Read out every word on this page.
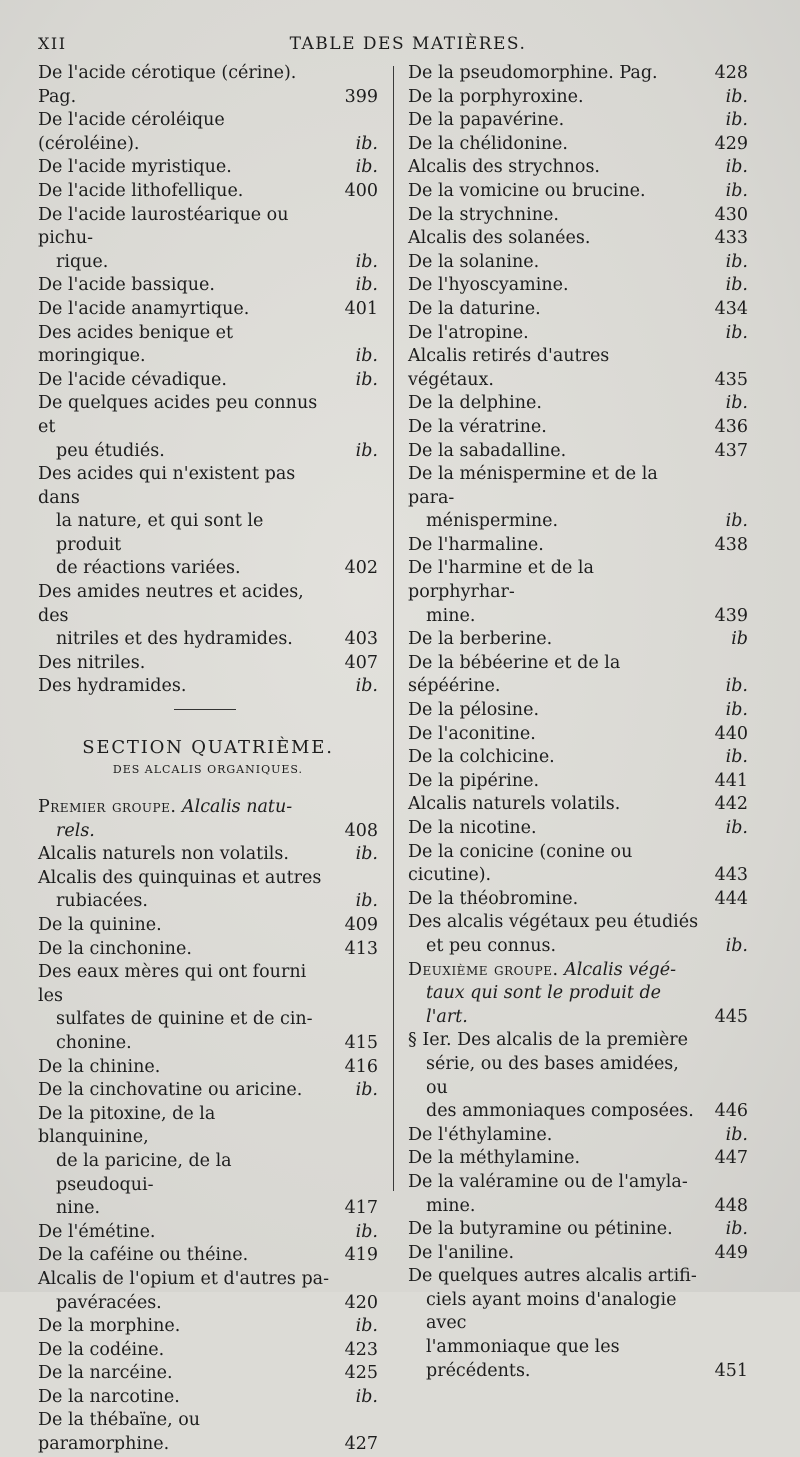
XII	TABLE DES MATIÈRES.
De l'acide cérotique (cérine). Pag.	399
De l'acide céroléique (céroléine).	ib.
De l'acide myristique.	ib.
De l'acide lithofellique.	400
De l'acide laurostéarique ou pichu-
rique.	ib.
De l'acide bassique.	ib.
De l'acide anamyrtique.	401
Des acides benique et moringique.	ib.
De l'acide cévadique.	ib.
De quelques acides peu connus et
peu étudiés.	ib.
Des acides qui n'existent pas dans
la nature, et qui sont le produit
de réactions variées.	402
Des amides neutres et acides, des
nitriles et des hydramides.	403
Des nitriles.	407
Des hydramides.	ib.
SECTION QUATRIÈME.
DES ALCALIS ORGANIQUES.
Premier groupe. Alcalis natu-
rels.	408
Alcalis naturels non volatils.	ib.
Alcalis des quinquinas et autres
rubiacées.	ib.
De la quinine.	409
De la cinchonine.	413
Des eaux mères qui ont fourni les
sulfates de quinine et de cin-
chonine.	415
De la chinine.	416
De la cinchovatine ou aricine.	ib.
De la pitoxine, de la blanquinine,
de la paricine, de la pseudoqui-
nine.	417
De l'émétine.	ib.
De la caféine ou théine.	419
Alcalis de l'opium et d'autres pa-
pavéracées.	420
De la morphine.	ib.
De la codéine.	423
De la narcéine.	425
De la narcotine.	ib.
De la thébaïne, ou paramorphine.	427
De la pseudomorphine. Pag.	428
De la porphyroxine.	ib.
De la papavérine.	ib.
De la chélidonine.	429
Alcalis des strychnos.	ib.
De la vomicine ou brucine.	ib.
De la strychnine.	430
Alcalis des solanées.	433
De la solanine.	ib.
De l'hyoscyamine.	ib.
De la daturine.	434
De l'atropine.	ib.
Alcalis retirés d'autres végétaux.	435
De la delphine.	ib.
De la vératrine.	436
De la sabadalline.	437
De la ménispermine et de la para-
ménispermine.	ib.
De l'harmaline.	438
De l'harmine et de la porphyrhar-
mine.	439
De la berberine.	ib
De la bébéerine et de la sépéérine.	ib.
De la pélosine.	ib.
De l'aconitine.	440
De la colchicine.	ib.
De la pipérine.	441
Alcalis naturels volatils.	442
De la nicotine.	ib.
De la conicine (conine ou cicutine).	443
De la théobromine.	444
Des alcalis végétaux peu étudiés
et peu connus.	ib.
Deuxième groupe. Alcalis végé-
taux qui sont le produit de
l'art.	445
§ Ier. Des alcalis de la première
série, ou des bases amidées, ou
des ammoniaques composées.	446
De l'éthylamine.	ib.
De la méthylamine.	447
De la valéramine ou de l'amyla-
mine.	448
De la butyramine ou pétinine.	ib.
De l'aniline.	449
De quelques autres alcalis artifi-
ciels ayant moins d'analogie avec
l'ammoniaque que les précédents.	451
